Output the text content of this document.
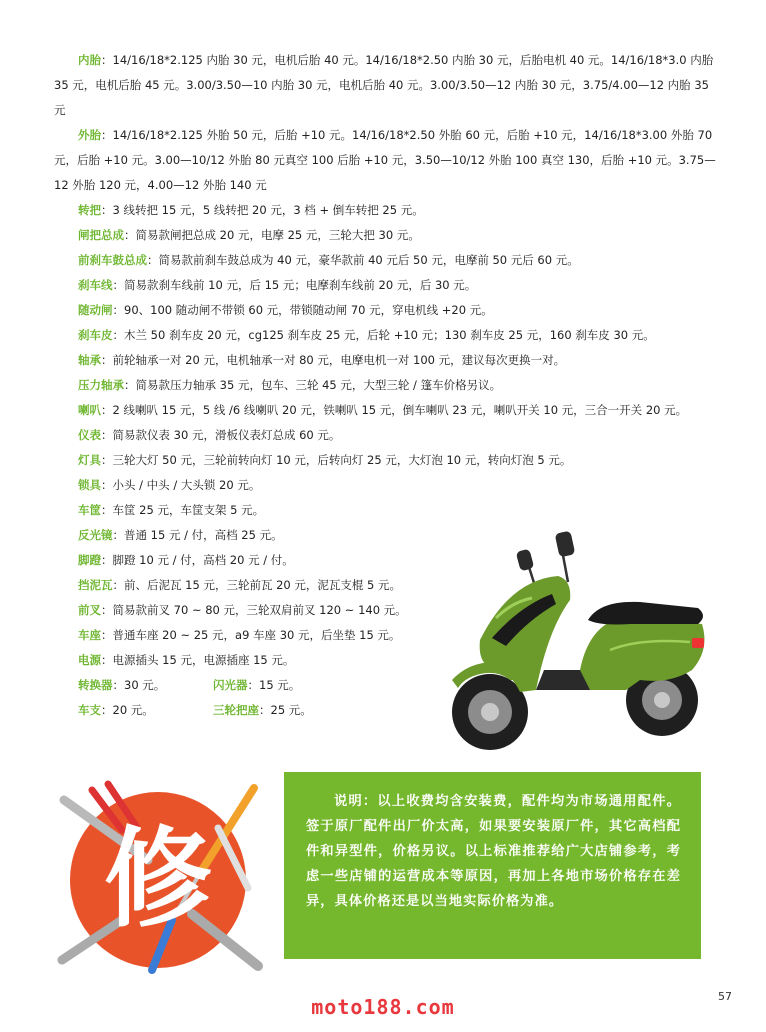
内胎：14/16/18*2.125 内胎 30 元，电机后胎 40 元。14/16/18*2.50 内胎 30 元，后胎电机 40 元。14/16/18*3.0 内胎 35 元，电机后胎 45 元。3.00/3.50—10 内胎 30 元，电机后胎 40 元。3.00/3.50—12 内胎 30 元，3.75/4.00—12 内胎 35 元

外胎：14/16/18*2.125 外胎 50 元，后胎 +10 元。14/16/18*2.50 外胎 60 元，后胎 +10 元，14/16/18*3.00 外胎 70 元，后胎 +10 元。3.00—10/12 外胎 80 元真空 100 后胎 +10 元，3.50—10/12 外胎 100 真空 130，后胎 +10 元。3.75—12 外胎 120 元，4.00—12 外胎 140 元

转把：3 线转把 15 元，5 线转把 20 元，3 档 + 倒车转把 25 元。

闸把总成：简易款闸把总成 20 元，电摩 25 元，三轮大把 30 元。

前刹车鼓总成：简易款前刹车鼓总成为 40 元，豪华款前 40 元后 50 元，电摩前 50 元后 60 元。

刹车线：简易款刹车线前 10 元，后 15 元；电摩刹车线前 20 元，后 30 元。

随动闸：90、100 随动闸不带锁 60 元，带锁随动闸 70 元，穿电机线 +20 元。

刹车皮：木兰 50 刹车皮 20 元，cg125 刹车皮 25 元，后轮 +10 元；130 刹车皮 25 元，160 刹车皮 30 元。

轴承：前轮轴承一对 20 元，电机轴承一对 80 元，电摩电机一对 100 元，建议每次更换一对。

压力轴承：简易款压力轴承 35 元，包车、三轮 45 元，大型三轮 / 篷车价格另议。

喇叭：2 线喇叭 15 元，5 线 /6 线喇叭 20 元，铁喇叭 15 元，倒车喇叭 23 元，喇叭开关 10 元，三合一开关 20 元。

仪表：简易款仪表 30 元，滑板仪表灯总成 60 元。

灯具：三轮大灯 50 元，三轮前转向灯 10 元，后转向灯 25 元，大灯泡 10 元，转向灯泡 5 元。

锁具：小头 / 中头 / 大头锁 20 元。

车筐：车筐 25 元，车筐支架 5 元。

反光镜：普通 15 元 / 付，高档 25 元。

脚蹬：脚蹬 10 元 / 付，高档 20 元 / 付。

挡泥瓦：前、后泥瓦 15 元，三轮前瓦 20 元，泥瓦支棍 5 元。

前叉：简易款前叉 70 ~ 80 元，三轮双肩前叉 120 ~ 140 元。

车座：普通车座 20 ~ 25 元，a9 车座 30 元，后坐垫 15 元。

电源：电源插头 15 元，电源插座 15 元。

转换器：30 元。	闪光器：15 元。

车支：20 元。	三轮把座：25 元。

修

说明：以上收费均含安装费，配件均为市场通用配件。签于原厂配件出厂价太高，如果要安装原厂件，其它高档配件和异型件，价格另议。以上标准推荐给广大店铺参考，考虑一些店铺的运营成本等原因，再加上各地市场价格存在差异，具体价格还是以当地实际价格为准。

57
moto188.com
